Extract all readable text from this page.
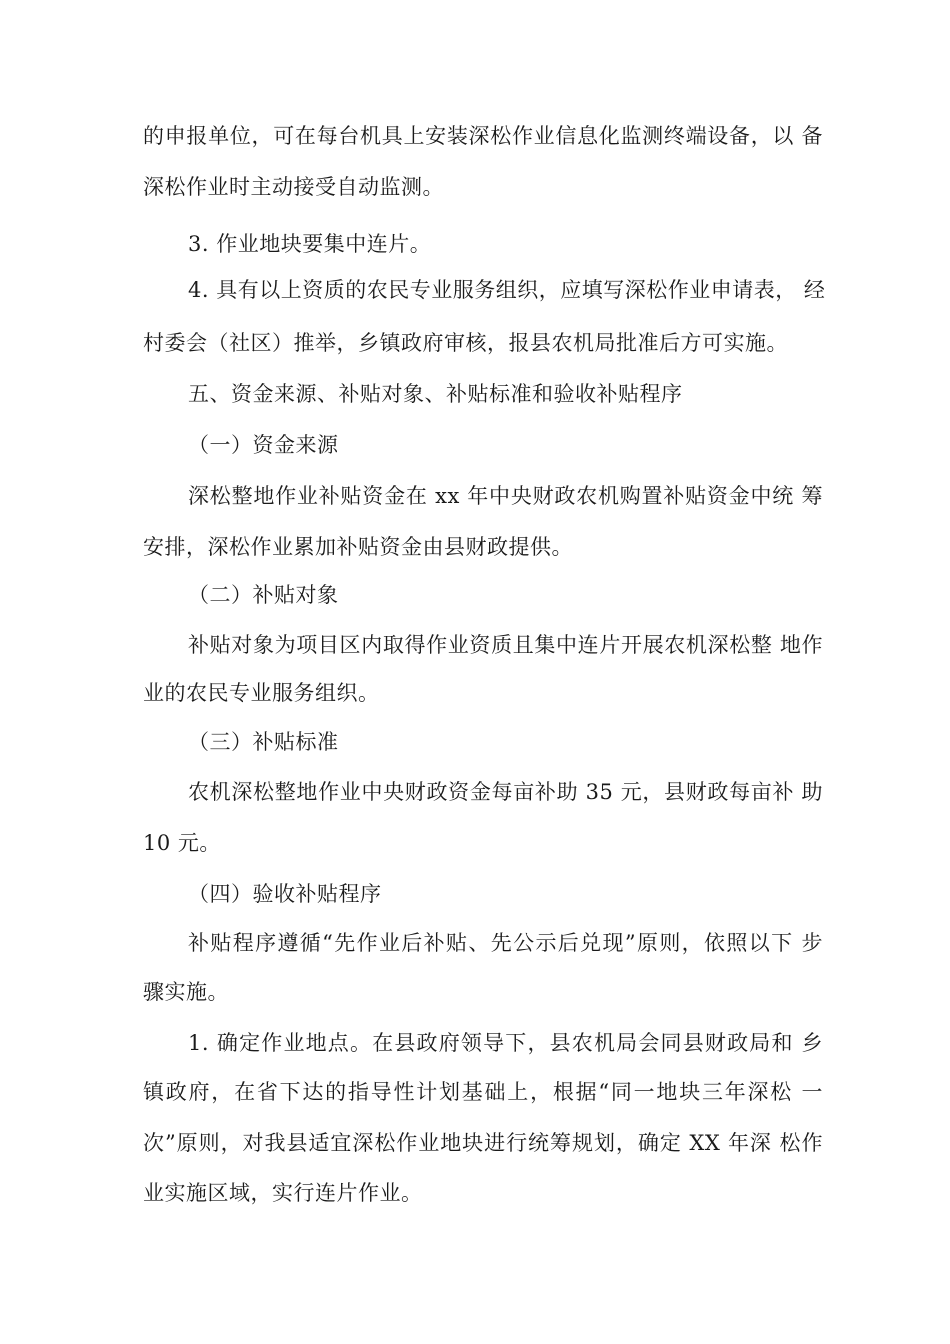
的申报单位，可在每台机具上安装深松作业信息化监测终端设备，以 备
深松作业时主动接受自动监测。
3. 作业地块要集中连片。
4. 具有以上资质的农民专业服务组织，应填写深松作业申请表， 经
村委会（社区）推举，乡镇政府审核，报县农机局批准后方可实施。
五、资金来源、补贴对象、补贴标准和验收补贴程序
（一）资金来源
深松整地作业补贴资金在 xx 年中央财政农机购置补贴资金中统 筹
安排，深松作业累加补贴资金由县财政提供。
（二）补贴对象
补贴对象为项目区内取得作业资质且集中连片开展农机深松整 地作
业的农民专业服务组织。
（三）补贴标准
农机深松整地作业中央财政资金每亩补助 35 元，县财政每亩补 助
10 元。
（四）验收补贴程序
补贴程序遵循“先作业后补贴、先公示后兑现”原则，依照以下 步
骤实施。
1. 确定作业地点。在县政府领导下，县农机局会同县财政局和 乡
镇政府，在省下达的指导性计划基础上，根据“同一地块三年深松 一
次”原则，对我县适宜深松作业地块进行统筹规划，确定 XX 年深 松作
业实施区域，实行连片作业。
